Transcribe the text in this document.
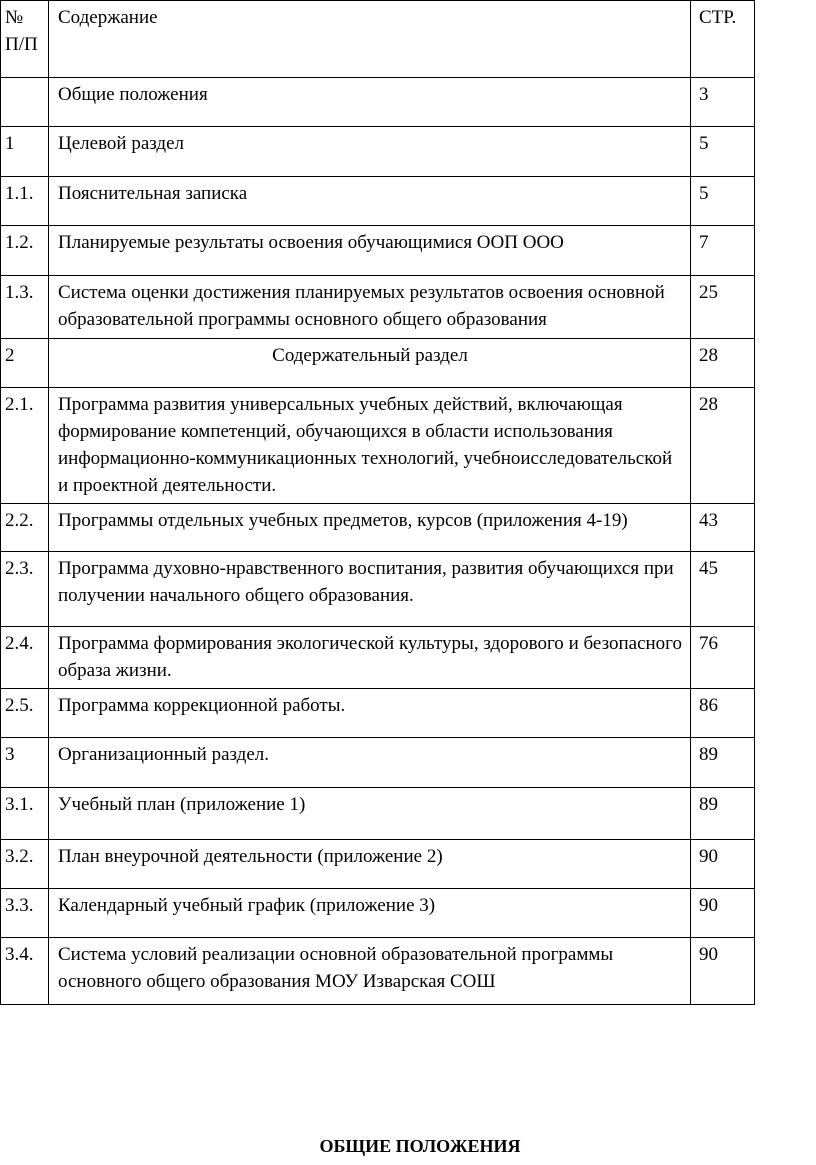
№ П/П	Содержание	СТР.
	Общие положения	3
1	Целевой раздел	5
1.1.	Пояснительная записка	5
1.2.	Планируемые результаты освоения обучающимися ООП ООО	7
1.3.	Система оценки достижения планируемых результатов освоения основной образовательной программы основного общего образования	25
2	Содержательный раздел	28
2.1.	Программа развития универсальных учебных действий, включающая формирование компетенций, обучающихся в области использования информационно-коммуникационных технологий, учебноисследовательской и проектной деятельности.	28
2.2.	Программы отдельных учебных предметов, курсов (приложения 4-19)	43
2.3.	Программа духовно-нравственного воспитания, развития обучающихся при получении начального общего образования.	45
2.4.	Программа формирования экологической культуры, здорового и безопасного образа жизни.	76
2.5.	Программа коррекционной работы.	86
3	Организационный раздел.	89
3.1.	Учебный план (приложение 1)	89
3.2.	План внеурочной деятельности (приложение 2)	90
3.3.	Календарный учебный график (приложение 3)	90
3.4.	Система условий реализации основной образовательной программы основного общего образования МОУ Изварская СОШ	90
ОБЩИЕ ПОЛОЖЕНИЯ
